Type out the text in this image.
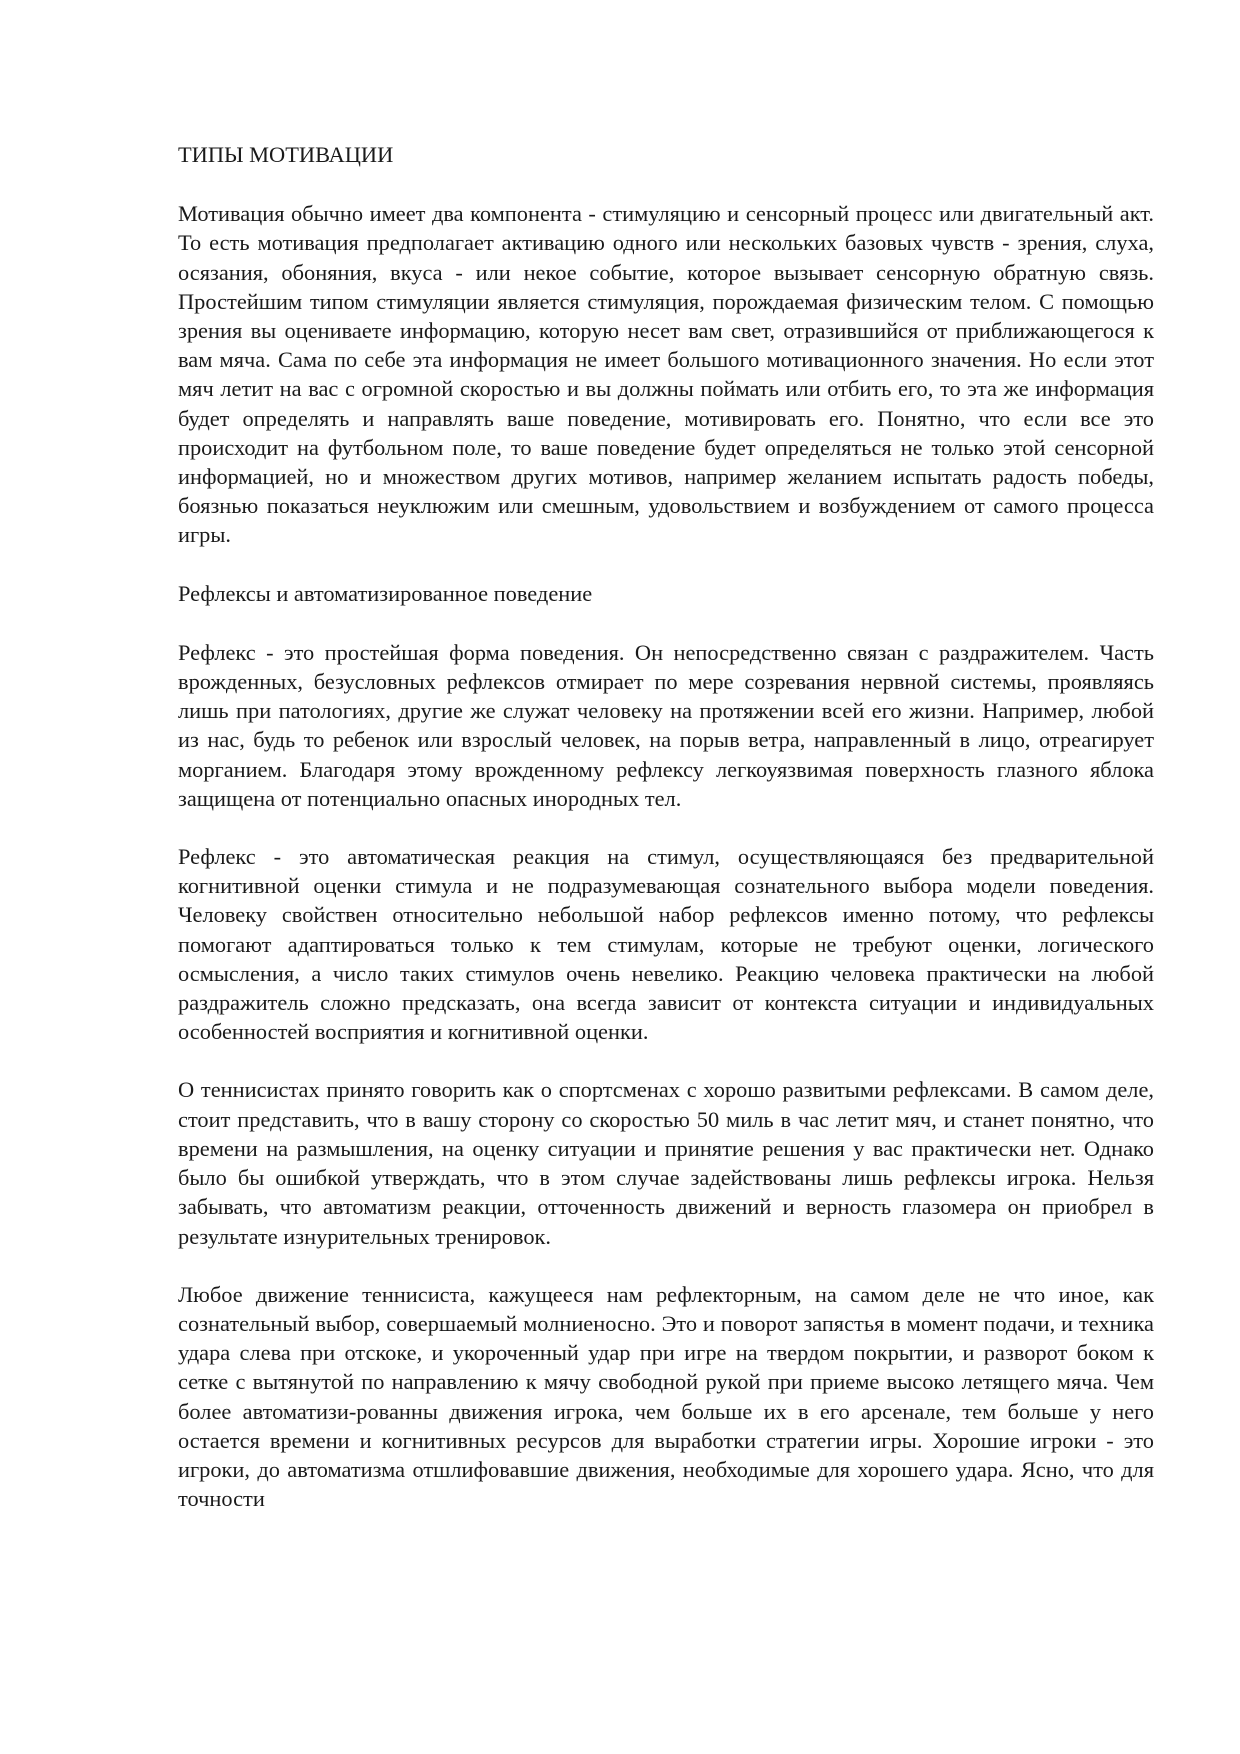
ТИПЫ МОТИВАЦИИ

Мотивация обычно имеет два компонента - стимуляцию и сенсорный процесс или двигательный акт. То есть мотивация предполагает активацию одного или нескольких базовых чувств - зрения, слуха, осязания, обоняния, вкуса - или некое событие, которое вызывает сенсорную обратную связь. Простейшим типом стимуляции является стимуляция, порождаемая физическим телом. С помощью зрения вы оцениваете информацию, которую несет вам свет, отразившийся от приближающегося к вам мяча. Сама по себе эта информация не имеет большого мотивационного значения. Но если этот мяч летит на вас с огромной скоростью и вы должны поймать или отбить его, то эта же информация будет определять и направлять ваше поведение, мотивировать его. Понятно, что если все это происходит на футбольном поле, то ваше поведение будет определяться не только этой сенсорной информацией, но и множеством других мотивов, например желанием испытать радость победы, боязнью показаться неуклюжим или смешным, удовольствием и возбуждением от самого процесса игры.

Рефлексы и автоматизированное поведение

Рефлекс - это простейшая форма поведения. Он непосредственно связан с раздражителем. Часть врожденных, безусловных рефлексов отмирает по мере созревания нервной системы, проявляясь лишь при патологиях, другие же служат человеку на протяжении всей его жизни. Например, любой из нас, будь то ребенок или взрослый человек, на порыв ветра, направленный в лицо, отреагирует морганием. Благодаря этому врожденному рефлексу легкоуязвимая поверхность глазного яблока защищена от потенциально опасных инородных тел.

Рефлекс - это автоматическая реакция на стимул, осуществляющаяся без предварительной когнитивной оценки стимула и не подразумевающая сознательного выбора модели поведения. Человеку свойствен относительно небольшой набор рефлексов именно потому, что рефлексы помогают адаптироваться только к тем стимулам, которые не требуют оценки, логического осмысления, а число таких стимулов очень невелико. Реакцию человека практически на любой раздражитель сложно предсказать, она всегда зависит от контекста ситуации и индивидуальных особенностей восприятия и когнитивной оценки.

О теннисистах принято говорить как о спортсменах с хорошо развитыми рефлексами. В самом деле, стоит представить, что в вашу сторону со скоростью 50 миль в час летит мяч, и станет понятно, что времени на размышления, на оценку ситуации и принятие решения у вас практически нет. Однако было бы ошибкой утверждать, что в этом случае задействованы лишь рефлексы игрока. Нельзя забывать, что автоматизм реакции, отточенность движений и верность глазомера он приобрел в результате изнурительных тренировок.

Любое движение теннисиста, кажущееся нам рефлекторным, на самом деле не что иное, как сознательный выбор, совершаемый молниеносно. Это и поворот запястья в момент подачи, и техника удара слева при отскоке, и укороченный удар при игре на твердом покрытии, и разворот боком к сетке с вытянутой по направлению к мячу свободной рукой при приеме высоко летящего мяча. Чем более автоматизи-рованны движения игрока, чем больше их в его арсенале, тем больше у него остается времени и когнитивных ресурсов для выработки стратегии игры. Хорошие игроки - это игроки, до автоматизма отшлифовавшие движения, необходимые для хорошего удара. Ясно, что для точности
